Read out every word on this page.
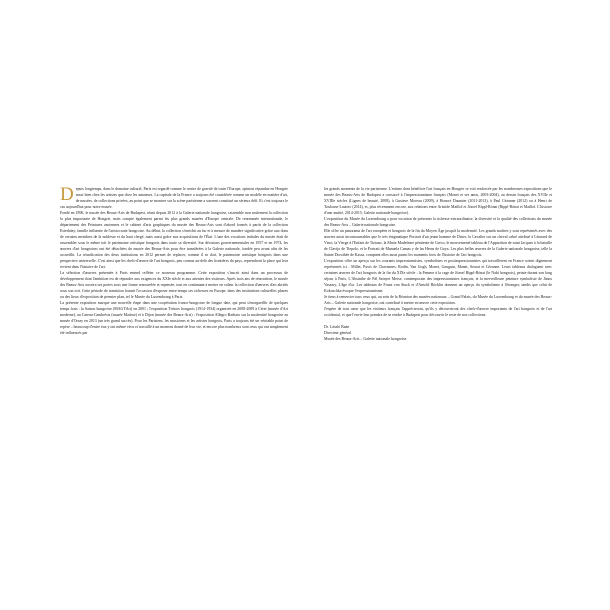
Depuis longtemps, dans le domaine culturel, Paris est regardé comme le centre de gravité de toute l'Europe, opinion répandue en Hongrie aussi bien chez les artistes que chez les amateurs. La capitale de la France a toujours été considérée comme un modèle en matière d'art, de musées, de collections privées, au point que se montrer sur la scène parisienne a souvent constitué un sérieux défi. Et c'est toujours le cas aujourd'hui pour notre musée.

Fondé en 1896, le musée des Beaux-Arts de Budapest, réuni depuis 2012 à la Galerie nationale hongroise, rassemble non seulement la collection la plus importante de Hongrie, mais compte également parmi les plus grands musées d'Europe centrale. De renommée internationale, le département des Peintures anciennes et le cabinet d'arts graphiques du musée des Beaux-Arts sont d'abord formés à partir de la collection Esterházy, famille influente de l'aristocratie hongroise. Au début, la collection s'enrichit au fur et à mesure de manière significative grâce aux dons de certains membres de la noblesse et du haut clergé, mais aussi grâce aux acquisitions de l'État. L'une des vocations initiales du musée était de rassembler sous le même toit le patrimoine artistique hongrois dans toute sa diversité. Sur décisions gouvernementales en 1957 et en 1974, les œuvres d'art hongroises ont été détachées du musée des Beaux-Arts pour être transférées à la Galerie nationale, fondée peu avant afin de les accueillir. La réunification des deux institutions en 2012 permet de replacer, comme il se doit, le patrimoine artistique hongrois dans une perspective universelle. C'est ainsi que les chefs-d'œuvre de l'art hongrois, peu connus au-delà des frontières du pays, reprendront la place qui leur revient dans l'histoire de l'art.

La sélection d'œuvres présentée à Paris entend refléter ce nouveau programme. Cette exposition s'inscrit ainsi dans un processus de développement dont l'ambition est de répondre aux exigences du XXIe siècle et aux attentes des visiteurs. Après trois ans de rénovation, le musée des Beaux-Arts ouvrira ses portes sous une forme renouvelée et repensée, tout en continuant à mettre en valeur la collection d'œuvres d'art abrités sous son toit. Cette période de transition fournit l'occasion d'exposer entre-temps ses richesses en Europe, dans des institutions culturelles phares ou des lieux d'exposition de premier plan, tel le Musée du Luxembourg à Paris.

La présente exposition marque une nouvelle étape dans une coopération franco-hongroise de longue date, qui peut s'enorgueillir de quelques temps forts : la Saison hongroise (MAGYArt) en 2001 ; l'exposition Trésors hongrois (1914-1934) organisée en 2008-2009 à Céret (musée d'Art moderne), au Cateau-Cambrésis (musée Matisse) et à Dijon (musée des Beaux-Arts) ; l'exposition Allegro Barbaro sur la modernité hongroise au musée d'Orsay en 2013 (un très grand succès). Pour les Parisiens, les musiciens et les artistes hongrois, Paris a toujours été un véritable point de repère – beaucoup d'entre eux y ont même vécu et travaillé à un moment donné de leur vie, et encore plus nombreux sont ceux qui ont simplement été influencés par

les grands moments de la vie parisienne. L'estime dont bénéficie l'art français en Hongrie se voit renforcée par les nombreuses expositions que le musée des Beaux-Arts de Budapest a consacré à l'impressionnisme français (Monet et ses amis, 2003-2004), au dessin français des XVIIe et XVIIIe siècles (Lignes de beauté, 2008), à Gustave Moreau (2009), à Honoré Daumier (2011-2013), à Paul Cézanne (2012) ou à Henri de Toulouse-Lautrec (2014), et, plus récemment encore, aux relations entre Aristide Maillol et József Rippl-Rónai (Rippl-Rónai et Maillol. L'histoire d'une amitié, 2014-2015, Galerie nationale hongroise).

L'exposition du Musée du Luxembourg a pour vocation de présenter la richesse extraordinaire, la diversité et la qualité des collections du musée des Beaux-Arts – Galerie nationale hongroise.

Elle offre un panorama de l'art européen et hongrois de la fin du Moyen Âge jusqu'à la modernité. Les grands maîtres y sont représentés avec des œuvres aussi incontournables que le très énigmatique Portrait d'un jeune homme de Dürer, la Cavalier sur un cheval cabré attribué à Léonard de Vinci, la Vierge à l'Enfant de Tiziano, la Marie Madeleine pénitente de Greco, le mouvementé tableau de l'Apparition de saint Jacques à la bataille de Clavijo de Tiepolo, et le Portrait de Manuela Camas y de las Heras de Goya. Les plus belles œuvres de la Galerie nationale hongroise, telle la Sainte Dorothée de Kassa, comptent elles aussi parmi les moments forts de l'histoire de l'art hongrois.

L'exposition offre un aperçu sur les courants impressionnistes, symbolistes et postimpressionnistes qui travaillèrent en France soient dignement représentés ici : Millet, Puvis de Chavannes, Rodin, Van Gogh, Monet, Gauguin, Manet, Seurat et Cézanne. Leurs tableaux dialoguent avec certaines œuvres de l'art hongrois de la fin du XIXe siècle : la Femme à la cage de József Rippl-Rónai (le Nabi hongrois), peinte durant son long séjour à Paris, L'Absinthe de Pál Szinyei Merse, contemporain des impressionnistes français, et la merveilleuse peinture symboliste de János Vaszary, L'âge d'or. Les tableaux de Franz von Stuck et d'Arnold Böcklin donnent un aperçu du symbolisme à l'étranger, tandis que celui de Kokoschka évoque l'expressionnisme.

Je tiens à remercier tous ceux qui, au sein de la Réunion des musées nationaux – Grand Palais, du Musée du Luxembourg et du musée des Beaux-Arts – Galerie nationale hongroise, ont contribué à mettre en œuvre cette exposition.

J'espère de tout cœur que les visiteurs français l'apprécieront, qu'ils y découvriront des chefs-d'œuvre importants de l'art hongrois et de l'art occidental, et que l'envie leur prendra de se rendre à Budapest pour découvrir le reste de nos collections.

Dr. László Baán
Directeur général
Musée des Beaux-Arts – Galerie nationale hongroise
